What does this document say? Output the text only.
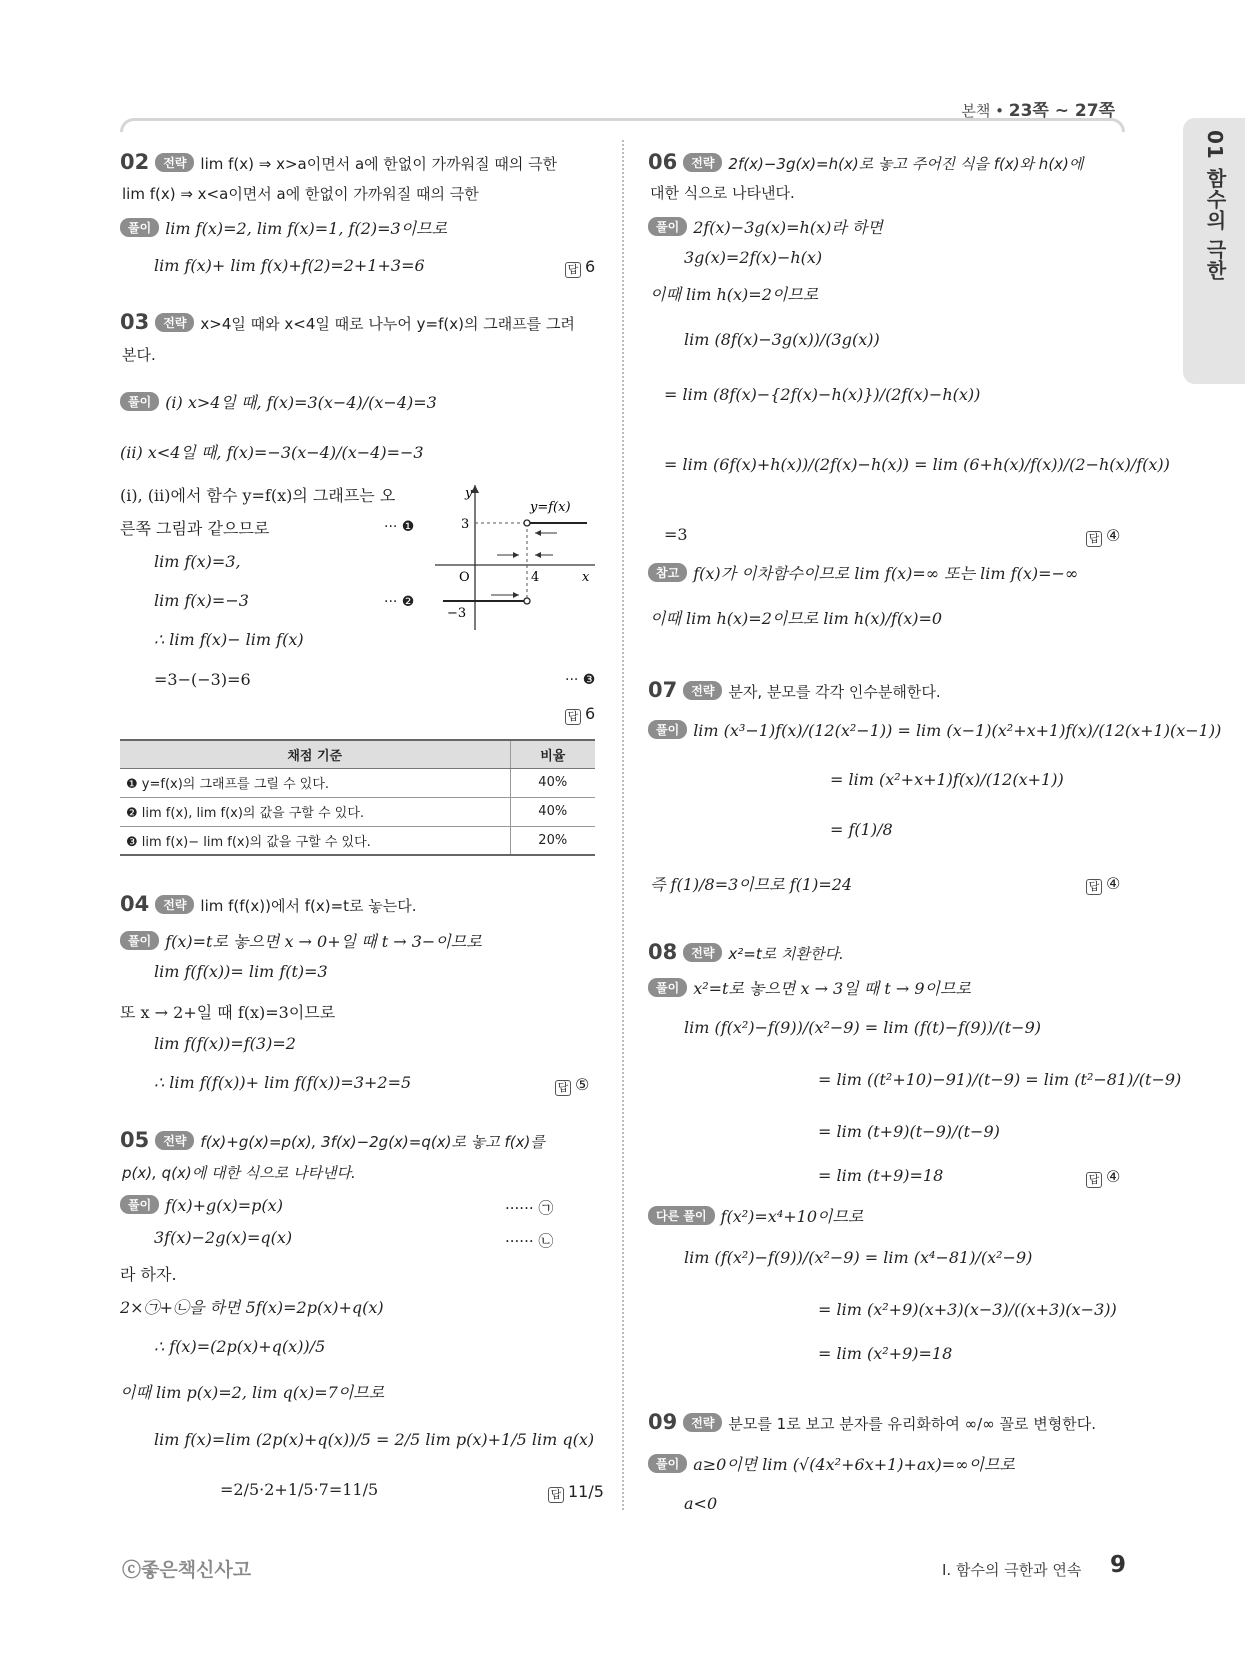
본책 • 23쪽 ~ 27쪽
01 함수의 극한
02 전략 lim f(x) ⇒ x>a이면서 a에 한없이 가까워질 때의 극한
lim f(x) ⇒ x<a이면서 a에 한없이 가까워질 때의 극한
풀이 lim f(x)=2, lim f(x)=1, f(2)=3이므로
lim f(x)+ lim f(x)+f(2)=2+1+3=6	답 6
03 전략 x>4일 때와 x<4일 때로 나누어 y=f(x)의 그래프를 그려
본다.
풀이 (ⅰ) x>4일 때, f(x)=3(x−4)/(x−4)=3
(ⅱ) x<4일 때, f(x)=−3(x−4)/(x−4)=−3
(ⅰ), (ⅱ)에서 함수 y=f(x)의 그래프는 오
른쪽 그림과 같으므로	··· ❶
lim f(x)=3,
lim f(x)=−3	··· ❷
∴ lim f(x)− lim f(x)
=3−(−3)=6	··· ❸
답 6
y
x
O	4
3
−3
y=f(x)
채점 기준	비율
❶ y=f(x)의 그래프를 그릴 수 있다.	40%
❷ lim f(x), lim f(x)의 값을 구할 수 있다.	40%
❸ lim f(x)− lim f(x)의 값을 구할 수 있다.	20%
04 전략 lim f(f(x))에서 f(x)=t로 놓는다.
풀이 f(x)=t로 놓으면 x → 0+일 때 t → 3−이므로
lim f(f(x))= lim f(t)=3
또 x → 2+일 때 f(x)=3이므로
lim f(f(x))=f(3)=2
∴ lim f(f(x))+ lim f(f(x))=3+2=5	답 ⑤
05 전략 f(x)+g(x)=p(x), 3f(x)−2g(x)=q(x)로 놓고 f(x)를
p(x), q(x)에 대한 식으로 나타낸다.
풀이 f(x)+g(x)=p(x)	······ ㉠
3f(x)−2g(x)=q(x)	······ ㉡
라 하자.
2×㉠+㉡을 하면 5f(x)=2p(x)+q(x)
∴ f(x)=(2p(x)+q(x))/5
이때 lim p(x)=2, lim q(x)=7이므로
lim f(x)=lim (2p(x)+q(x))/5 = 2/5 lim p(x)+1/5 lim q(x)
=2/5·2+1/5·7=11/5	답 11/5
06 전략 2f(x)−3g(x)=h(x)로 놓고 주어진 식을 f(x)와 h(x)에
대한 식으로 나타낸다.
풀이 2f(x)−3g(x)=h(x)라 하면
3g(x)=2f(x)−h(x)
이때 lim h(x)=2이므로
lim (8f(x)−3g(x))/(3g(x))
= lim (8f(x)−{2f(x)−h(x)})/(2f(x)−h(x))
= lim (6f(x)+h(x))/(2f(x)−h(x)) = lim (6+h(x)/f(x))/(2−h(x)/f(x))
=3	답 ④
참고 f(x)가 이차함수이므로 lim f(x)=∞ 또는 lim f(x)=−∞
이때 lim h(x)=2이므로 lim h(x)/f(x)=0
07 전략 분자, 분모를 각각 인수분해한다.
풀이 lim (x³−1)f(x)/(12(x²−1)) = lim (x−1)(x²+x+1)f(x)/(12(x+1)(x−1))
= lim (x²+x+1)f(x)/(12(x+1))
= f(1)/8
즉 f(1)/8=3이므로 f(1)=24	답 ④
08 전략 x²=t로 치환한다.
풀이 x²=t로 놓으면 x → 3일 때 t → 9이므로
lim (f(x²)−f(9))/(x²−9) = lim (f(t)−f(9))/(t−9)
= lim ((t²+10)−91)/(t−9) = lim (t²−81)/(t−9)
= lim (t+9)(t−9)/(t−9)
= lim (t+9)=18	답 ④
다른 풀이 f(x²)=x⁴+10이므로
lim (f(x²)−f(9))/(x²−9) = lim (x⁴−81)/(x²−9)
= lim (x²+9)(x+3)(x−3)/((x+3)(x−3))
= lim (x²+9)=18
09 전략 분모를 1로 보고 분자를 유리화하여 ∞/∞ 꼴로 변형한다.
풀이 a≥0이면 lim (√(4x²+6x+1)+ax)=∞이므로
a<0
ⓒ좋은책신사고	Ⅰ. 함수의 극한과 연속 9
